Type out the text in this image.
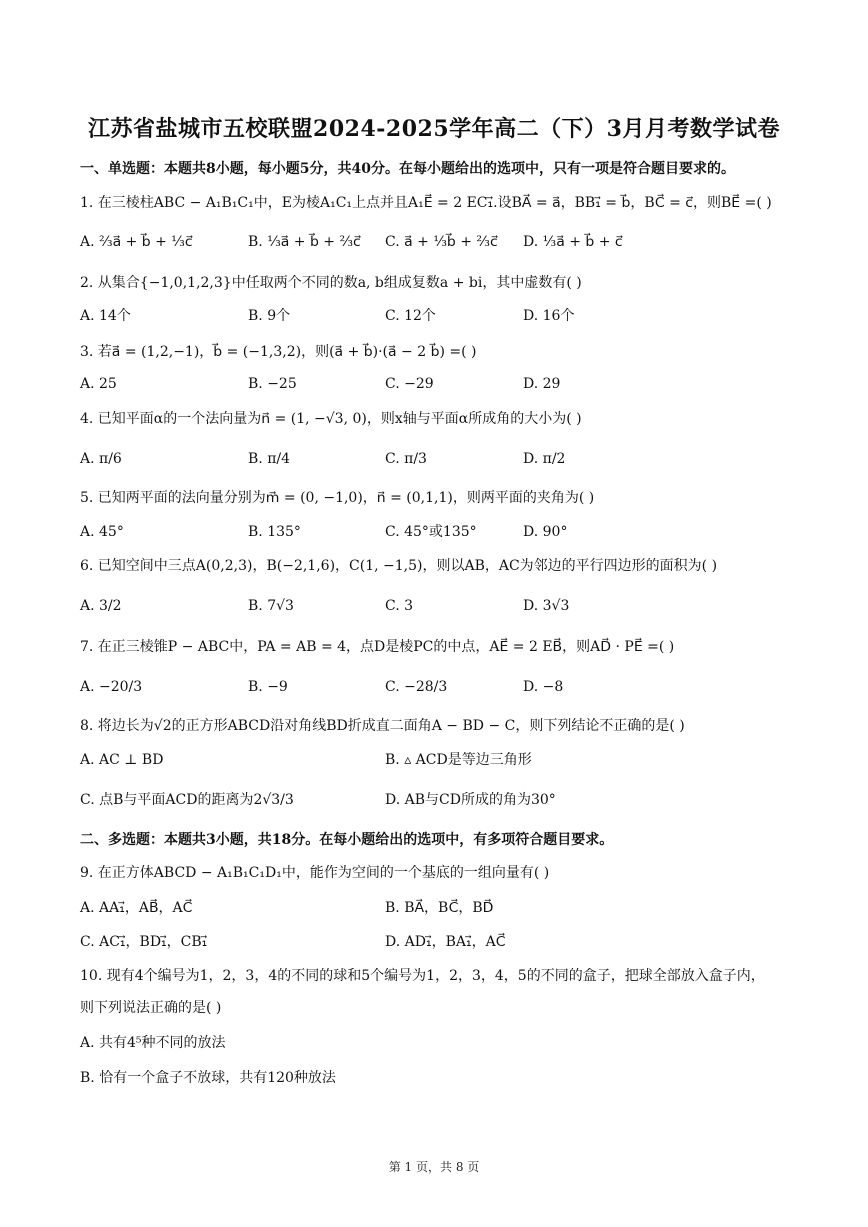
江苏省盐城市五校联盟2024-2025学年高二（下）3月月考数学试卷
一、单选题：本题共8小题，每小题5分，共40分。在每小题给出的选项中，只有一项是符合题目要求的。
1. 在三棱柱ABC − A₁B₁C₁中，E为棱A₁C₁上点并且A₁E⃗ = 2 EC₁⃗.设BA⃗ = a⃗，BB₁⃗ = b⃗，BC⃗ = c⃗，则BE⃗ =( )
A. ⅔a⃗ + b⃗ + ⅓c⃗	B. ⅓a⃗ + b⃗ + ⅔c⃗ C. a⃗ + ⅓b⃗ + ⅔c⃗ D. ⅓a⃗ + b⃗ + c⃗
2. 从集合{−1,0,1,2,3}中任取两个不同的数a, b组成复数a + bi，其中虚数有( )
A. 14个	B. 9个	C. 12个	D. 16个
3. 若a⃗ = (1,2,−1)，b⃗ = (−1,3,2)，则(a⃗ + b⃗)·(a⃗ − 2 b⃗) =( )
A. 25	B. −25	C. −29	D. 29
4. 已知平面α的一个法向量为n⃗ = (1, −√3, 0)，则x轴与平面α所成角的大小为( )
A. π/6	B. π/4	C. π/3	D. π/2
5. 已知两平面的法向量分别为m⃗ = (0, −1,0)，n⃗ = (0,1,1)，则两平面的夹角为( )
A. 45°	B. 135°	C. 45°或135°	D. 90°
6. 已知空间中三点A(0,2,3)，B(−2,1,6)，C(1, −1,5)，则以AB，AC为邻边的平行四边形的面积为( )
A. 3/2	B. 7√3	C. 3	D. 3√3
7. 在正三棱锥P − ABC中，PA = AB = 4，点D是棱PC的中点，AE⃗ = 2 EB⃗，则AD⃗ · PE⃗ =( )
A. −20/3	B. −9	C. −28/3	D. −8
8. 将边长为√2的正方形ABCD沿对角线BD折成直二面角A − BD − C，则下列结论不正确的是( )
A. AC ⊥ BD	B. ▵ ACD是等边三角形
C. 点B与平面ACD的距离为2√3/3	D. AB与CD所成的角为30°
二、多选题：本题共3小题，共18分。在每小题给出的选项中，有多项符合题目要求。
9. 在正方体ABCD − A₁B₁C₁D₁中，能作为空间的一个基底的一组向量有( )
A. AA₁⃗，AB⃗，AC⃗	B. BA⃗，BC⃗，BD⃗
C. AC₁⃗，BD₁⃗，CB₁⃗	D. AD₁⃗，BA₁⃗，AC⃗
10. 现有4个编号为1，2，3，4的不同的球和5个编号为1，2，3，4，5的不同的盒子，把球全部放入盒子内，
则下列说法正确的是( )
A. 共有4⁵种不同的放法
B. 恰有一个盒子不放球，共有120种放法
第 1 页，共 8 页
